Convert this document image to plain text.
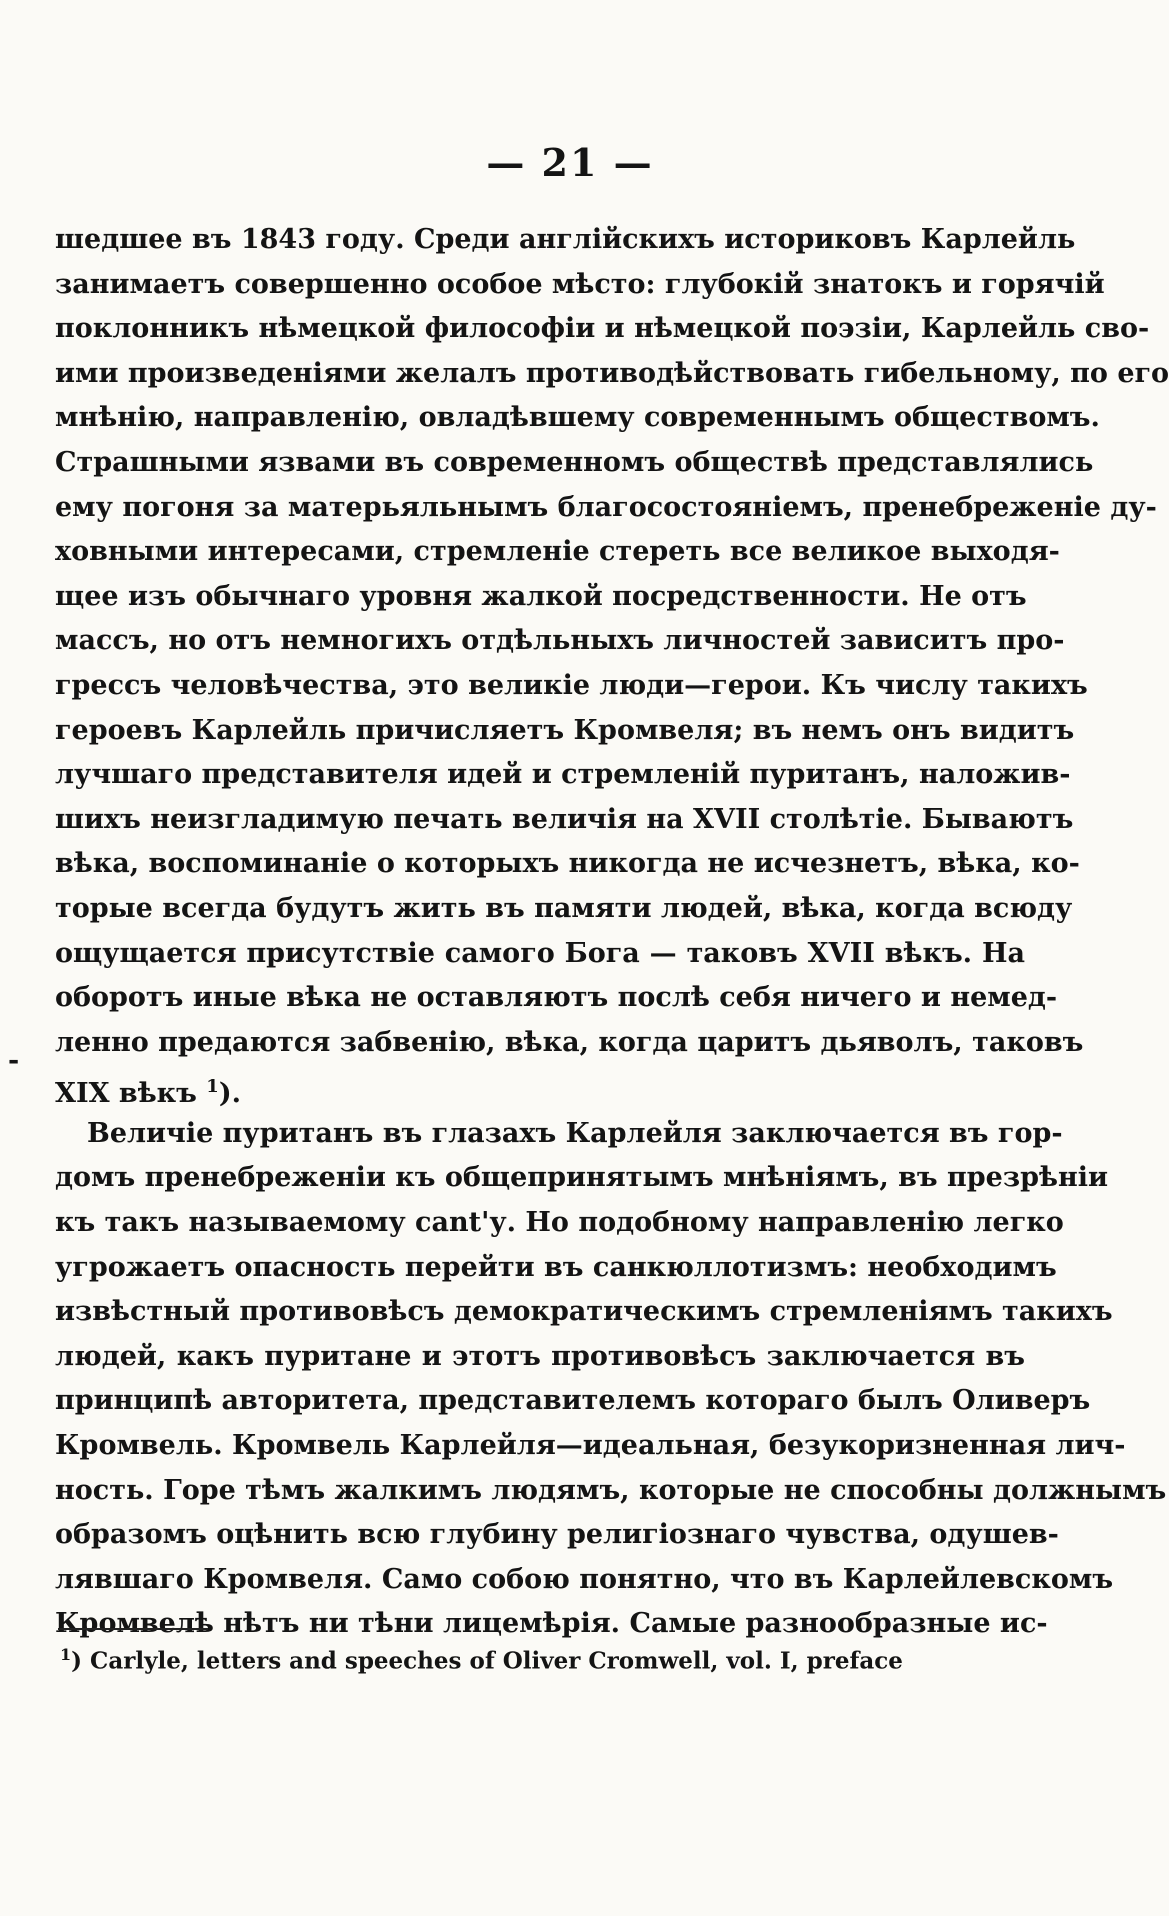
— 21 —
-
шедшее въ 1843 году. Среди англійскихъ историковъ Карлейль
занимаетъ совершенно особое мѣсто: глубокій знатокъ и горячій
поклонникъ нѣмецкой философіи и нѣмецкой поэзіи, Карлейль сво-
ими произведеніями желалъ противодѣйствовать гибельному, по его
мнѣнію, направленію, овладѣвшему современнымъ обществомъ.
Страшными язвами въ современномъ обществѣ представлялись
ему погоня за матерьяльнымъ благосостояніемъ, пренебреженіе ду-
ховными интересами, стремленіе стереть все великое выходя-
щее изъ обычнаго уровня жалкой посредственности. Не отъ
массъ, но отъ немногихъ отдѣльныхъ личностей зависитъ про-
грессъ человѣчества, это великіе люди—герои. Къ числу такихъ
героевъ Карлейль причисляетъ Кромвеля; въ немъ онъ видитъ
лучшаго представителя идей и стремленій пуританъ, наложив-
шихъ неизгладимую печать величія на XVII столѣтіе. Бываютъ
вѣка, воспоминаніе о которыхъ никогда не исчезнетъ, вѣка, ко-
торые всегда будутъ жить въ памяти людей, вѣка, когда всюду
ощущается присутствіе самого Бога — таковъ XVII вѣкъ. На
оборотъ иные вѣка не оставляютъ послѣ себя ничего и немед-
ленно предаются забвенію, вѣка, когда царитъ дьяволъ, таковъ
XIX вѣкъ $^1$).
Величіе пуританъ въ глазахъ Карлейля заключается въ гор-
домъ пренебреженіи къ общепринятымъ мнѣніямъ, въ презрѣніи
къ такъ называемому cant'у. Но подобному направленію легко
угрожаетъ опасность перейти въ санкюллотизмъ: необходимъ
извѣстный противовѣсъ демократическимъ стремленіямъ такихъ
людей, какъ пуритане и этотъ противовѣсъ заключается въ
принципѣ авторитета, представителемъ котораго былъ Оливеръ
Кромвель. Кромвель Карлейля—идеальная, безукоризненная лич-
ность. Горе тѣмъ жалкимъ людямъ, которые не способны должнымъ
образомъ оцѣнить всю глубину религіознаго чувства, одушев-
лявшаго Кромвеля. Само собою понятно, что въ Карлейлевскомъ
Кромвелѣ нѣтъ ни тѣни лицемѣрія. Самые разнообразные ис-
$^1$) Carlyle, letters and speeches of Oliver Cromwell, vol. I, preface
